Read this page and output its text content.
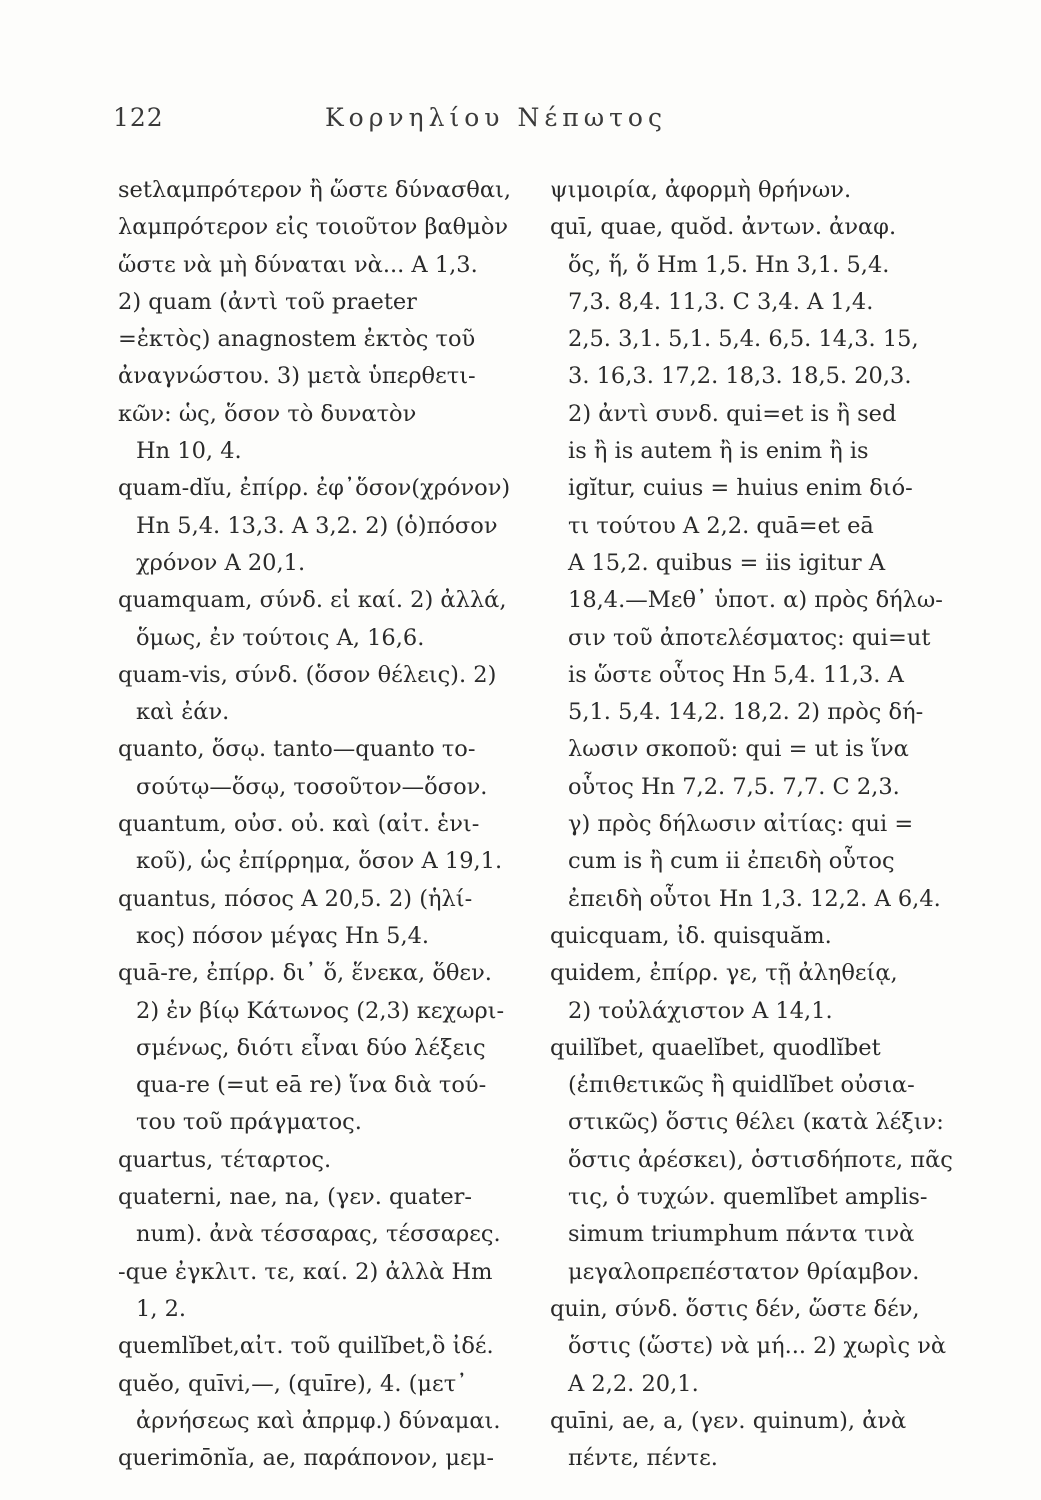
122	Κορνηλίου Νέπωτος
setλαμπρότερον ἢ ὥστε δύνασθαι,
λαμπρότερον εἰς τοιοῦτον βαθμὸν
ὥστε νὰ μὴ δύναται νὰ... A 1,3.
2) quam (ἀντὶ τοῦ praeter
=ἐκτὸς) anagnostem ἐκτὸς τοῦ
ἀναγνώστου. 3) μετὰ ὑπερθετι-
κῶν: ὡς, ὅσον τὸ δυνατὸν
Hn 10, 4.
quam-dĭu, ἐπίρρ. ἐφ᾿ὅσον(χρόνον)
Hn 5,4. 13,3. A 3,2. 2) (ὁ)πόσον
χρόνον A 20,1.
quamquam, σύνδ. εἰ καί. 2) ἀλλά,
ὅμως, ἐν τούτοις A, 16,6.
quam-vis, σύνδ. (ὅσον θέλεις). 2)
καὶ ἐάν.
quanto, ὅσῳ. tanto—quanto το-
σούτῳ—ὅσῳ, τοσοῦτον—ὅσον.
quantum, οὐσ. οὐ. καὶ (αἰτ. ἑνι-
κοῦ), ὡς ἐπίρρημα, ὅσον A 19,1.
quantus, πόσος A 20,5. 2) (ἡλί-
κος) πόσον μέγας Hn 5,4.
quā-re, ἐπίρρ. δι᾿ ὅ, ἕνεκα, ὅθεν.
2) ἐν βίῳ Κάτωνος (2,3) κεχωρι-
σμένως, διότι εἶναι δύο λέξεις
qua-re (=ut eā re) ἵνα διὰ τού-
του τοῦ πράγματος.
quartus, τέταρτος.
quaterni, nae, na, (γεν. quater-
num). ἀνὰ τέσσαρας, τέσσαρες.
-que ἐγκλιτ. τε, καί. 2) ἀλλὰ Hm
1, 2.
quemlĭbet,αἰτ. τοῦ quilĭbet,ὃ ἰδέ.
quĕo, quīvi,—, (quīre), 4. (μετ᾿
ἀρνήσεως καὶ ἀπρμφ.) δύναμαι.
querimōnĭa, ae, παράπονον, μεμ-
ψιμοιρία, ἀφορμὴ θρήνων.
quī, quae, quŏd. ἀντων. ἀναφ.
ὅς, ἥ, ὅ Hm 1,5. Hn 3,1. 5,4.
7,3. 8,4. 11,3. C 3,4. A 1,4.
2,5. 3,1. 5,1. 5,4. 6,5. 14,3. 15,
3. 16,3. 17,2. 18,3. 18,5. 20,3.
2) ἀντὶ συνδ. qui=et is ἢ sed
is ἢ is autem ἢ is enim ἢ is
igĭtur, cuius = huius enim διό-
τι τούτου A 2,2. quā=et eā
A 15,2. quibus = iis igitur A
18,4.—Μεθ᾿ ὑποτ. α) πρὸς δήλω-
σιν τοῦ ἀποτελέσματος: qui=ut
is ὥστε οὗτος Hn 5,4. 11,3. A
5,1. 5,4. 14,2. 18,2. 2) πρὸς δή-
λωσιν σκοποῦ: qui = ut is ἵνα
οὗτος Hn 7,2. 7,5. 7,7. C 2,3.
γ) πρὸς δήλωσιν αἰτίας: qui =
cum is ἢ cum ii ἐπειδὴ οὗτος
ἐπειδὴ οὗτοι Hn 1,3. 12,2. A 6,4.
quicquam, ἰδ. quisquăm.
quidem, ἐπίρρ. γε, τῇ ἀληθείᾳ,
2) τοὐλάχιστον A 14,1.
quilĭbet, quaelĭbet, quodlĭbet
(ἐπιθετικῶς ἢ quidlĭbet οὐσια-
στικῶς) ὅστις θέλει (κατὰ λέξιν:
ὅστις ἀρέσκει), ὁστισδήποτε, πᾶς
τις, ὁ τυχών. quemlĭbet amplis-
simum triumphum πάντα τινὰ
μεγαλοπρεπέστατον θρίαμβον.
quin, σύνδ. ὅστις δέν, ὥστε δέν,
ὅστις (ὥστε) νὰ μή... 2) χωρὶς νὰ
A 2,2. 20,1.
quīni, ae, a, (γεν. quinum), ἀνὰ
πέντε, πέντε.
